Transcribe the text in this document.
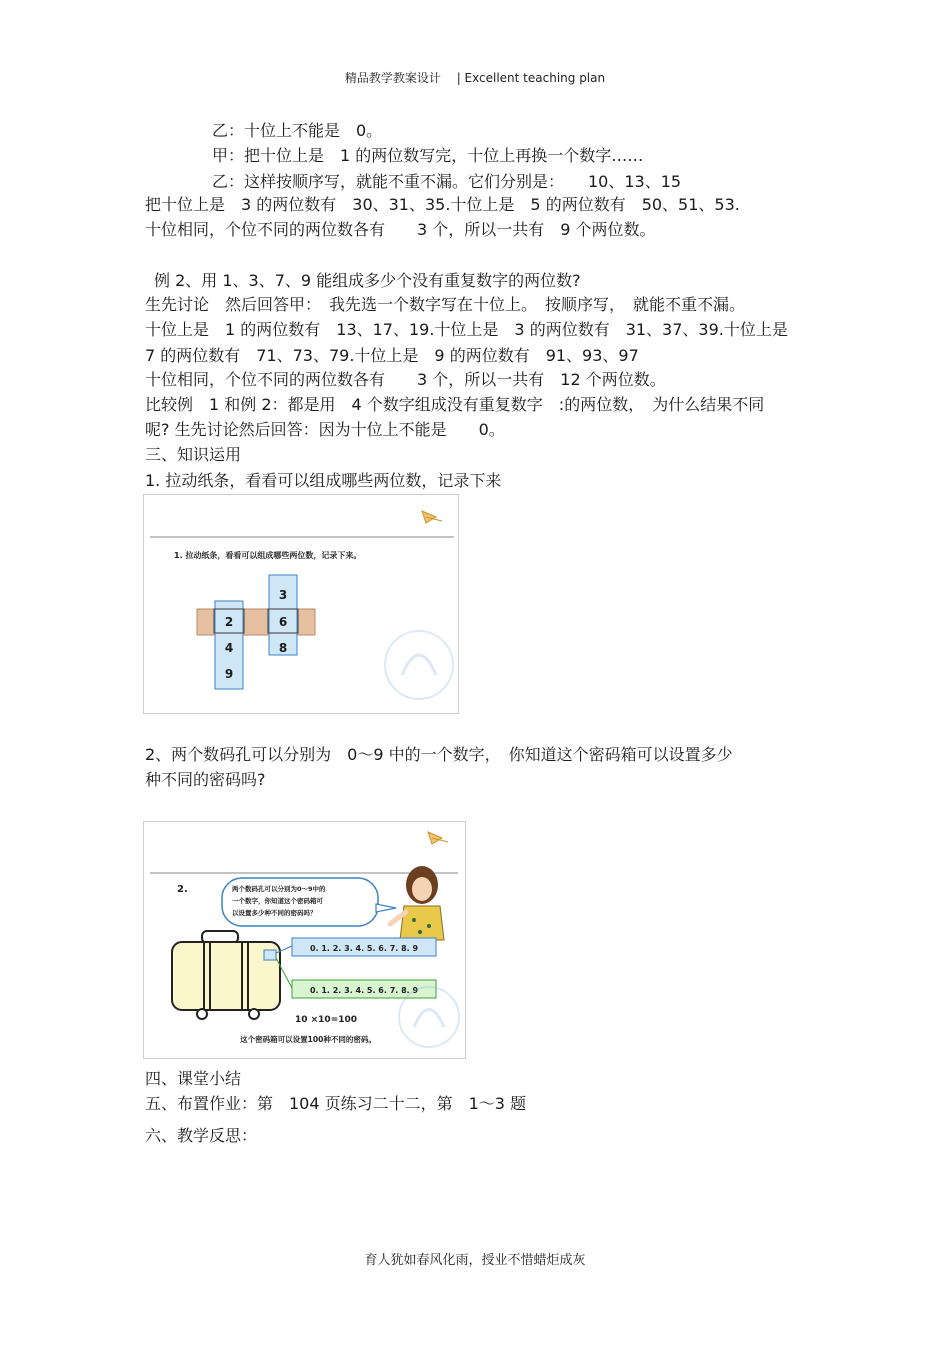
精品教学教案设计　 | Excellent teaching plan
乙：十位上不能是　0。
甲：把十位上是　1 的两位数写完，十位上再换一个数字……
乙：这样按顺序写，就能不重不漏。它们分别是：　　10、13、15
把十位上是　3 的两位数有　30、31、35.十位上是　5 的两位数有　50、51、53.
十位相同，个位不同的两位数各有　　3 个，所以一共有　9 个两位数。
例 2、用 1、3、7、9 能组成多少个没有重复数字的两位数?
生先讨论　然后回答甲：　我先选一个数字写在十位上。　按顺序写，　就能不重不漏。
十位上是　1 的两位数有　13、17、19.十位上是　3 的两位数有　31、37、39.十位上是
7 的两位数有　71、73、79.十位上是　9 的两位数有　91、93、97
十位相同，个位不同的两位数各有　　3 个，所以一共有　12 个两位数。
比较例　1 和例 2：都是用　4 个数字组成没有重复数字　:的两位数，　为什么结果不同
呢? 生先讨论然后回答：因为十位上不能是　　0。
三、知识运用
1. 拉动纸条，看看可以组成哪些两位数，记录下来
1. 拉动纸条，看看可以组成哪些两位数，记录下来。
2
4
9
3
6
8
2、两个数码孔可以分别为　0～9 中的一个数字，　你知道这个密码箱可以设置多少
种不同的密码吗?
2.	两个数码孔可以分别为0～9中的
一个数字，你知道这个密码箱可
以设置多少种不同的密码吗？
0. 1. 2. 3. 4. 5. 6. 7. 8. 9
0. 1. 2. 3. 4. 5. 6. 7. 8. 9
10 ×10=100
这个密码箱可以设置100种不同的密码。
四、课堂小结
五、布置作业：第　104 页练习二十二，第　1～3 题
六、教学反思：
育人犹如春风化雨，授业不惜蜡炬成灰
